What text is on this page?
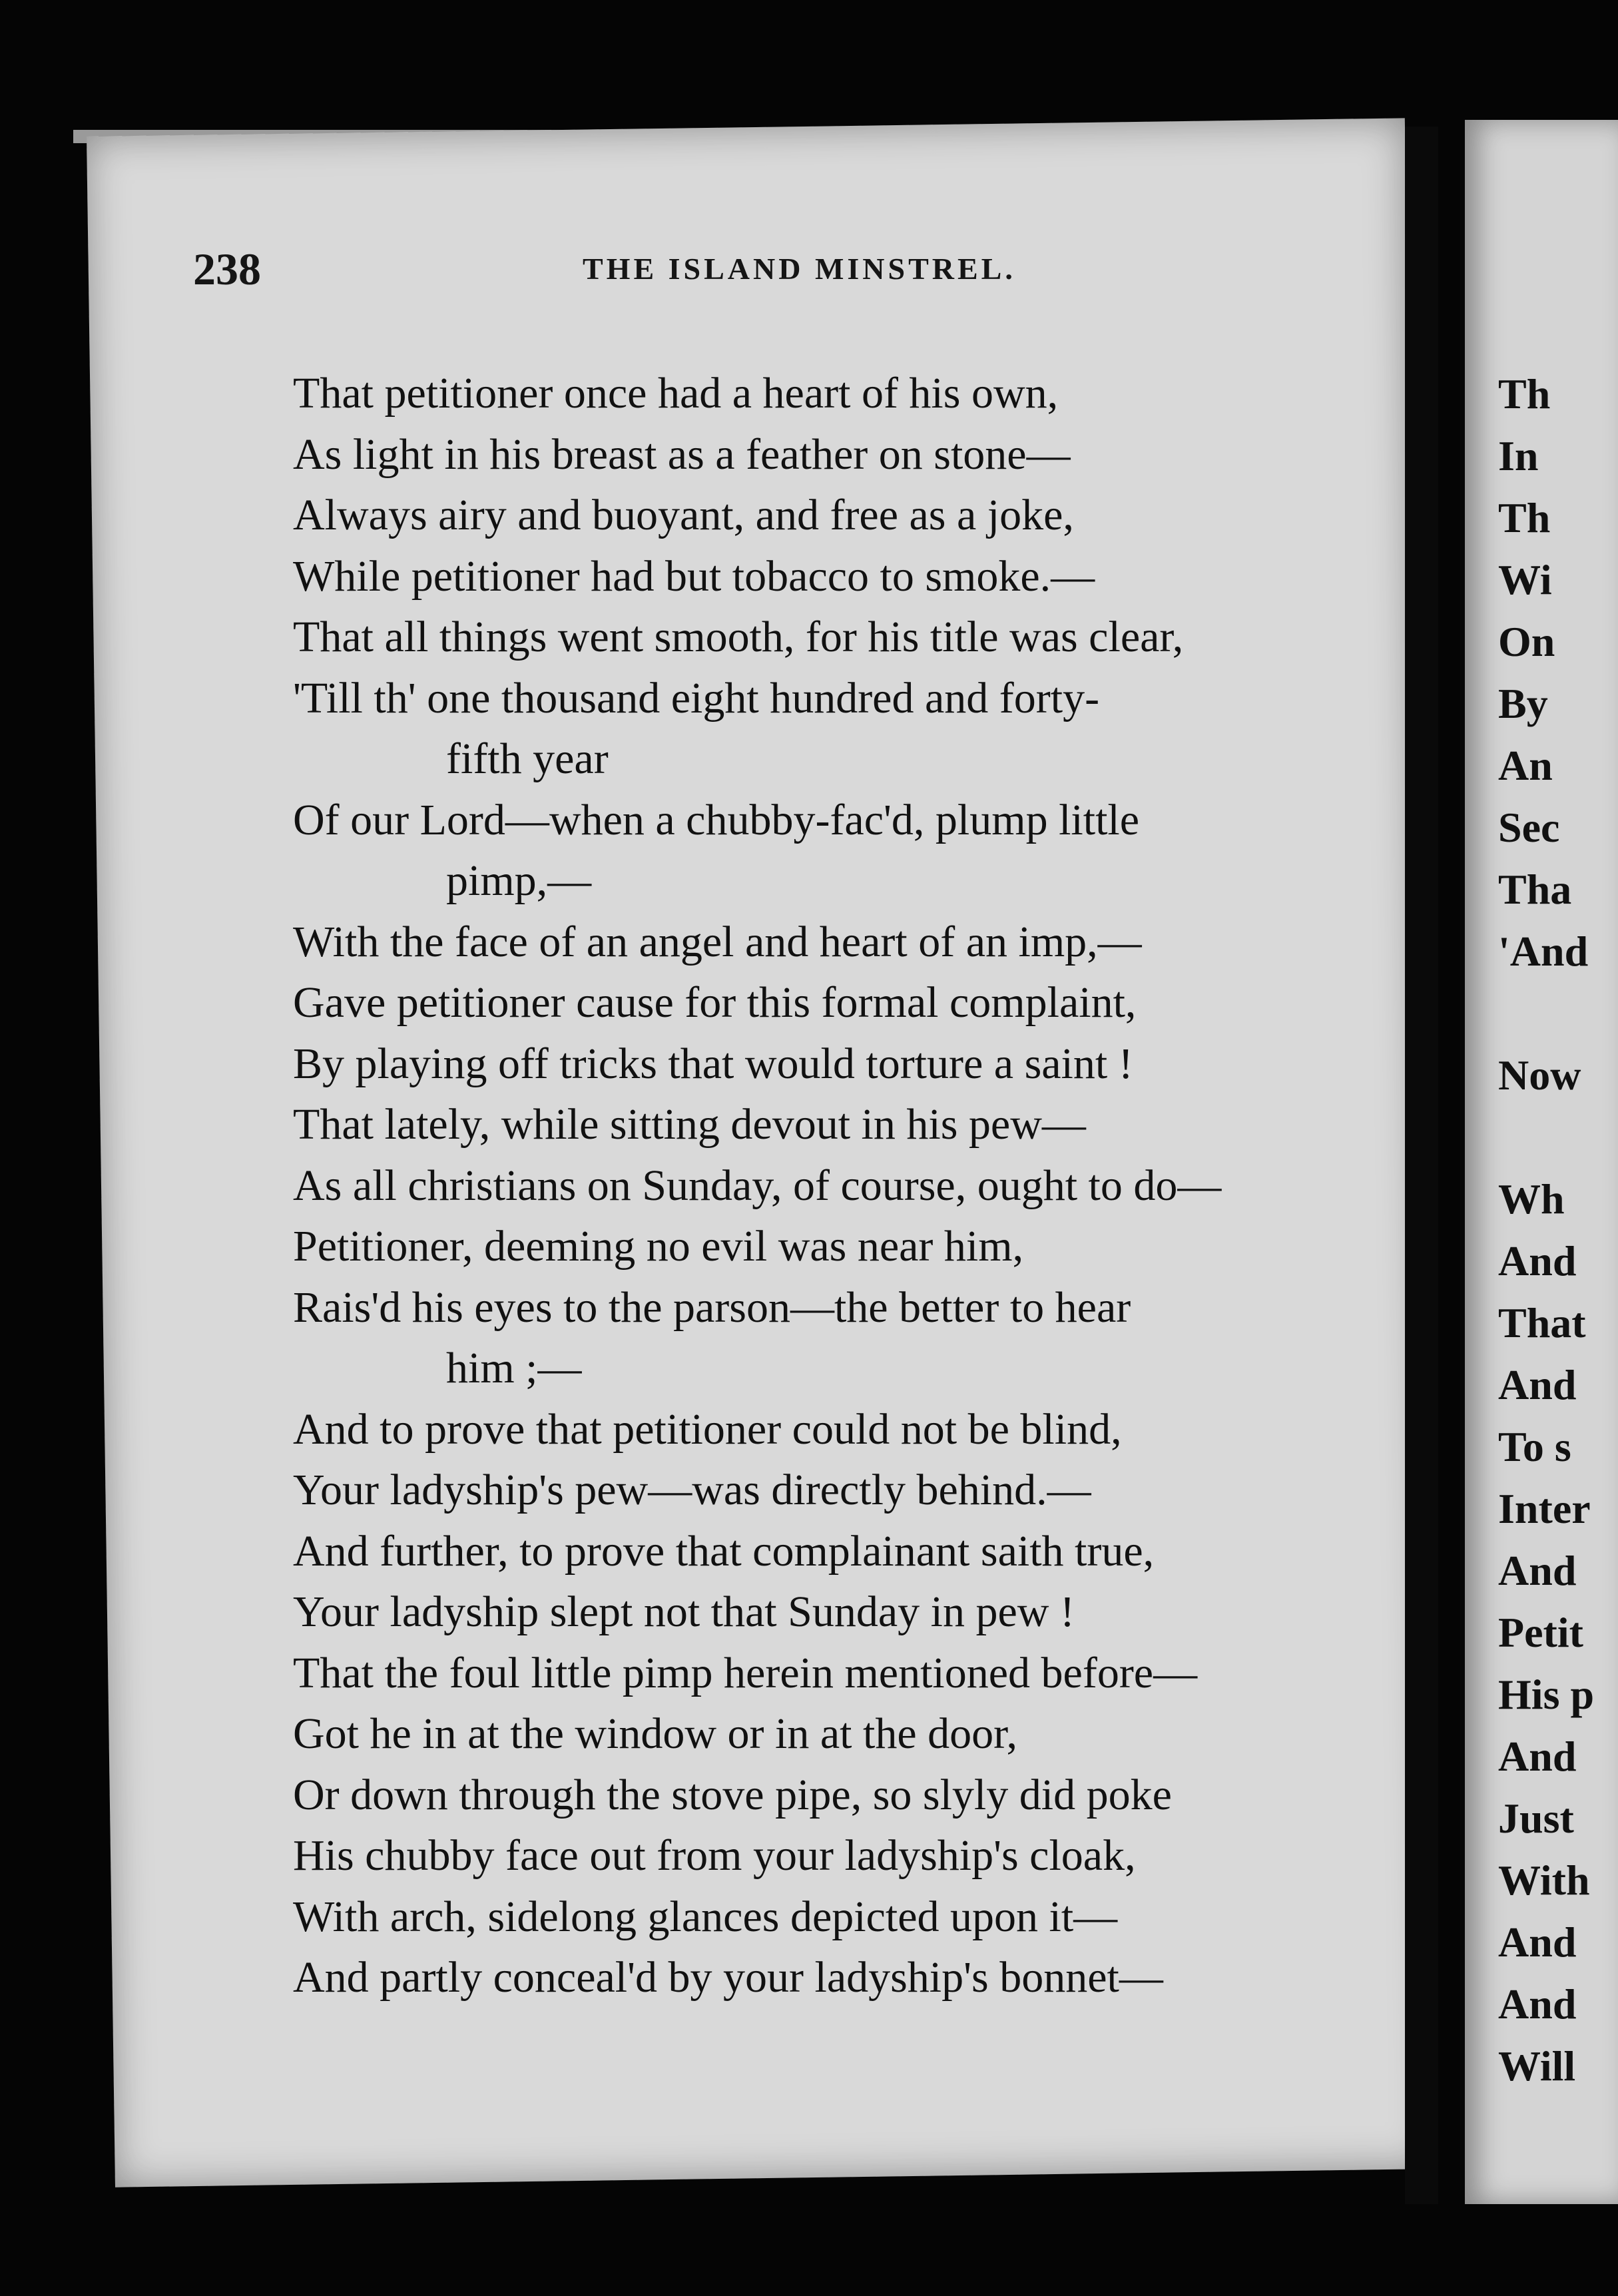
238	THE ISLAND MINSTREL.
That petitioner once had a heart of his own,
As light in his breast as a feather on stone—
Always airy and buoyant, and free as a joke,
While petitioner had but tobacco to smoke.—
That all things went smooth, for his title was clear,
'Till th' one thousand eight hundred and forty-
fifth year
Of our Lord—when a chubby-fac'd, plump little
pimp,—
With the face of an angel and heart of an imp,—
Gave petitioner cause for this formal complaint,
By playing off tricks that would torture a saint !
That lately, while sitting devout in his pew—
As all christians on Sunday, of course, ought to do—
Petitioner, deeming no evil was near him,
Rais'd his eyes to the parson—the better to hear
him ;—
And to prove that petitioner could not be blind,
Your ladyship's pew—was directly behind.—
And further, to prove that complainant saith true,
Your ladyship slept not that Sunday in pew !
That the foul little pimp herein mentioned before—
Got he in at the window or in at the door,
Or down through the stove pipe, so slyly did poke
His chubby face out from your ladyship's cloak,
With arch, sidelong glances depicted upon it—
And partly conceal'd by your ladyship's bonnet—
Th
In
Th
Wi
On
By
An
Sec
Tha
'And
Now
Wh
And
That
And
To s
Inter
And
Petit
His p
And
Just
With
And
And
Will
